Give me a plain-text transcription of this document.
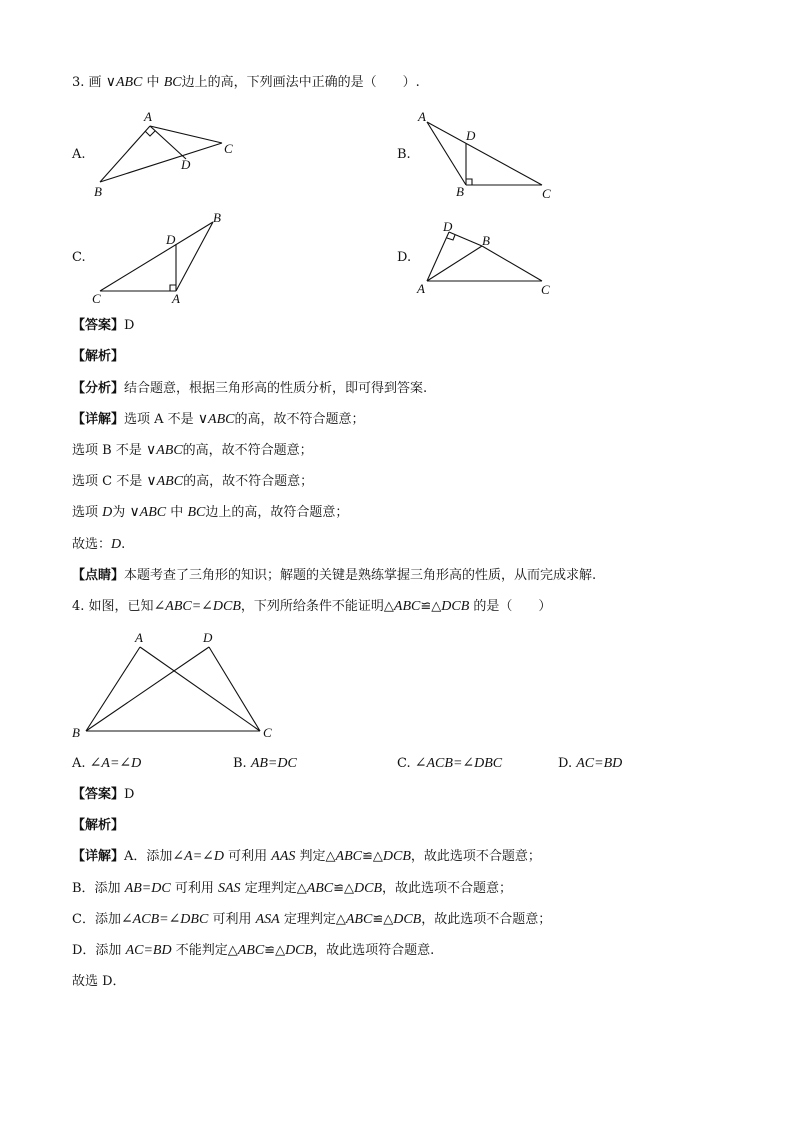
3. 画 ∨ABC 中 BC边上的高，下列画法中正确的是（　　）.
A.
A
B
C
D
B.
A
B	C
D
C.
C	A
B
D
D.
A
B
C
D
【答案】D
【解析】
【分析】结合题意，根据三角形高的性质分析，即可得到答案.
【详解】选项 A 不是 ∨ABC的高，故不符合题意；
选项 B 不是 ∨ABC的高，故不符合题意；
选项 C 不是 ∨ABC的高，故不符合题意；
选项 D为 ∨ABC 中 BC边上的高，故符合题意；
故选：D.
【点睛】本题考查了三角形的知识；解题的关键是熟练掌握三角形高的性质，从而完成求解.
4. 如图，已知∠ABC=∠DCB，下列所给条件不能证明△ABC≌△DCB 的是（　　）
A	D
B	C
A. ∠A=∠D	B. AB=DC	C. ∠ACB=∠DBC	D. AC=BD
【答案】D
【解析】
【详解】A．添加∠A=∠D 可利用 AAS 判定△ABC≌△DCB，故此选项不合题意；
B．添加 AB=DC 可利用 SAS 定理判定△ABC≌△DCB，故此选项不合题意；
C．添加∠ACB=∠DBC 可利用 ASA 定理判定△ABC≌△DCB，故此选项不合题意；
D．添加 AC=BD 不能判定△ABC≌△DCB，故此选项符合题意.
故选 D．
